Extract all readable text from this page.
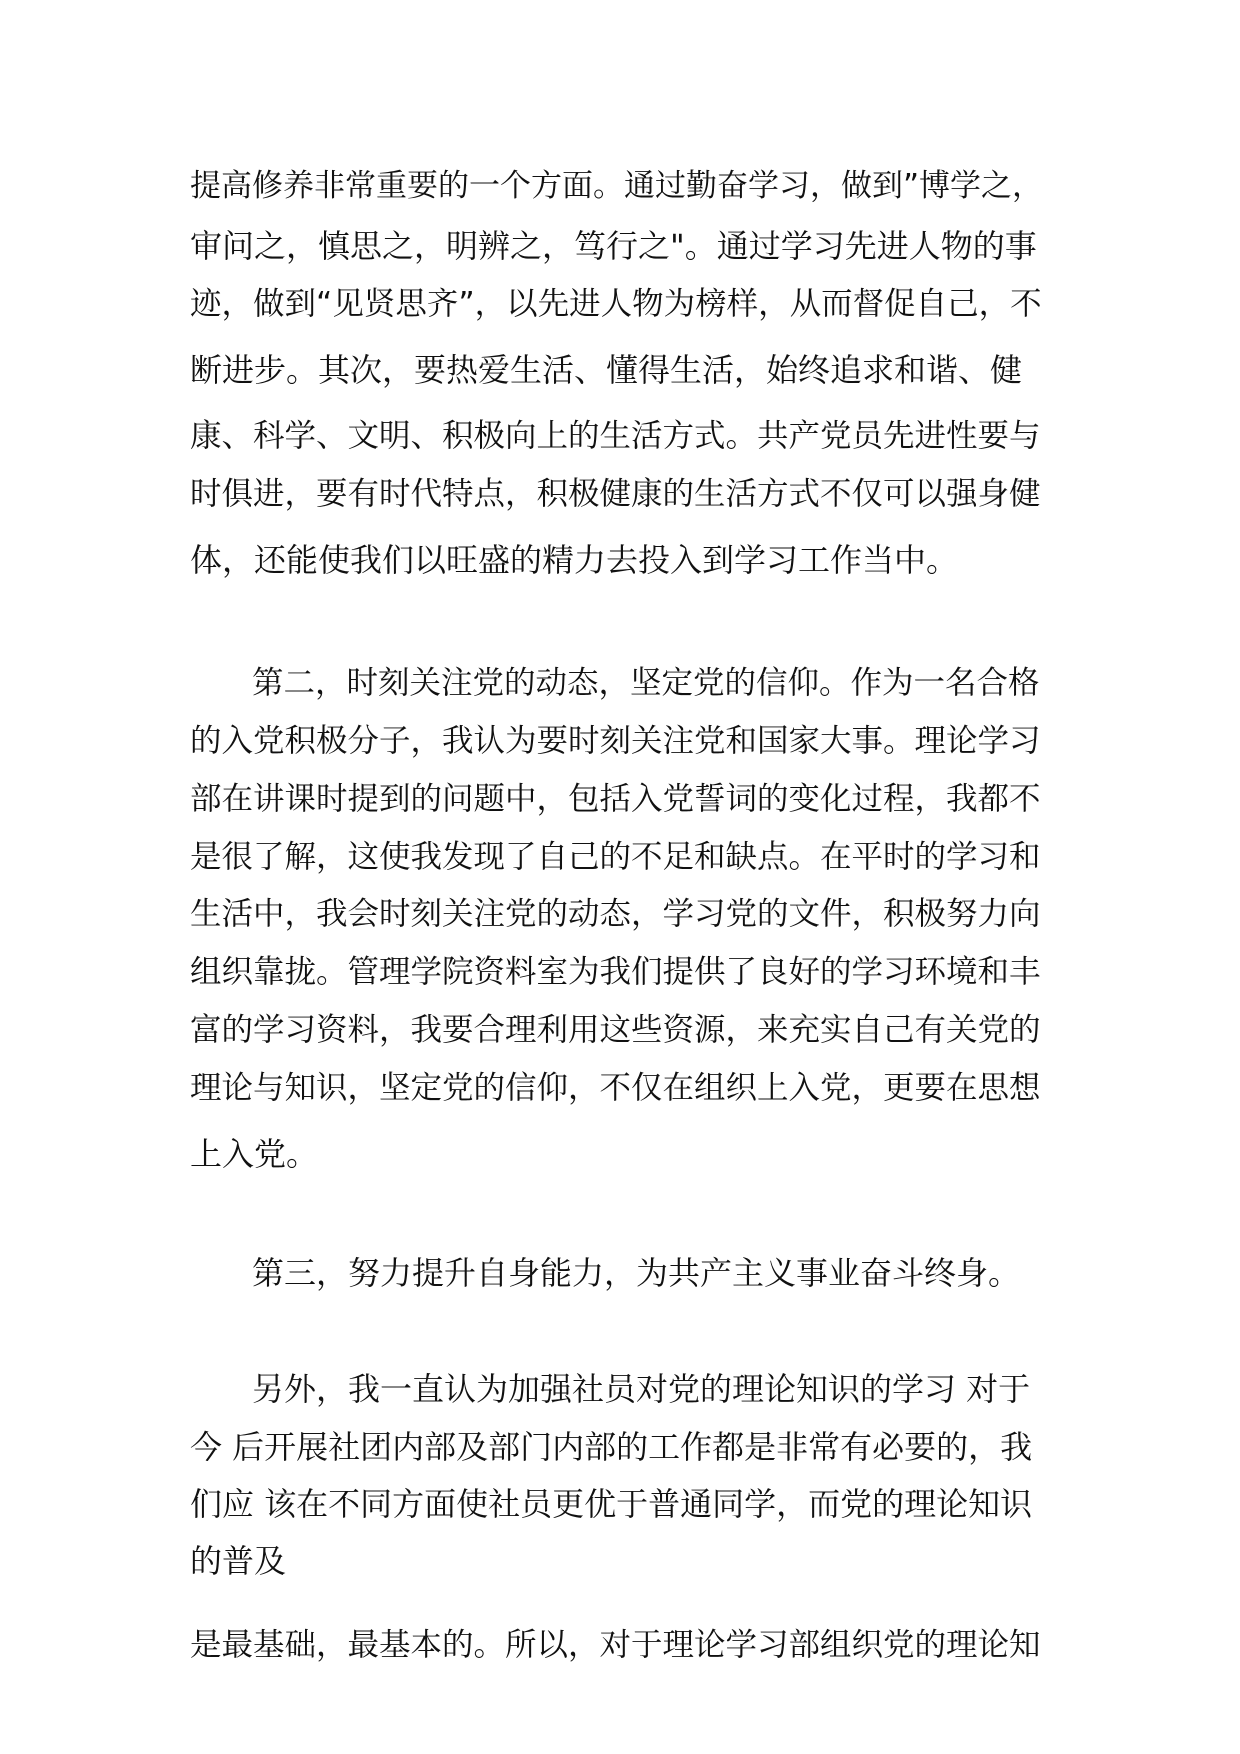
提高修养非常重要的一个方面。通过勤奋学习，做到”博学之，
审问之，慎思之，明辨之，笃行之"。通过学习先进人物的事
迹，做到“见贤思齐”，以先进人物为榜样，从而督促自己，不
断进步。其次，要热爱生活、懂得生活，始终追求和谐、健
康、科学、文明、积极向上的生活方式。共产党员先进性要与
时俱进，要有时代特点，积极健康的生活方式不仅可以强身健
体，还能使我们以旺盛的精力去投入到学习工作当中。
第二，时刻关注党的动态，坚定党的信仰。作为一名合格
的入党积极分子，我认为要时刻关注党和国家大事。理论学习
部在讲课时提到的问题中，包括入党誓词的变化过程，我都不
是很了解，这使我发现了自己的不足和缺点。在平时的学习和
生活中，我会时刻关注党的动态，学习党的文件，积极努力向
组织靠拢。管理学院资料室为我们提供了良好的学习环境和丰
富的学习资料，我要合理利用这些资源，来充实自己有关党的
理论与知识，坚定党的信仰，不仅在组织上入党，更要在思想
上入党。
第三，努力提升自身能力，为共产主义事业奋斗终身。
另外，我一直认为加强社员对党的理论知识的学习 对于
今 后开展社团内部及部门内部的工作都是非常有必要的，我
们应 该在不同方面使社员更优于普通同学，而党的理论知识
的普及
是最基础，最基本的。所以，对于理论学习部组织党的理论知
